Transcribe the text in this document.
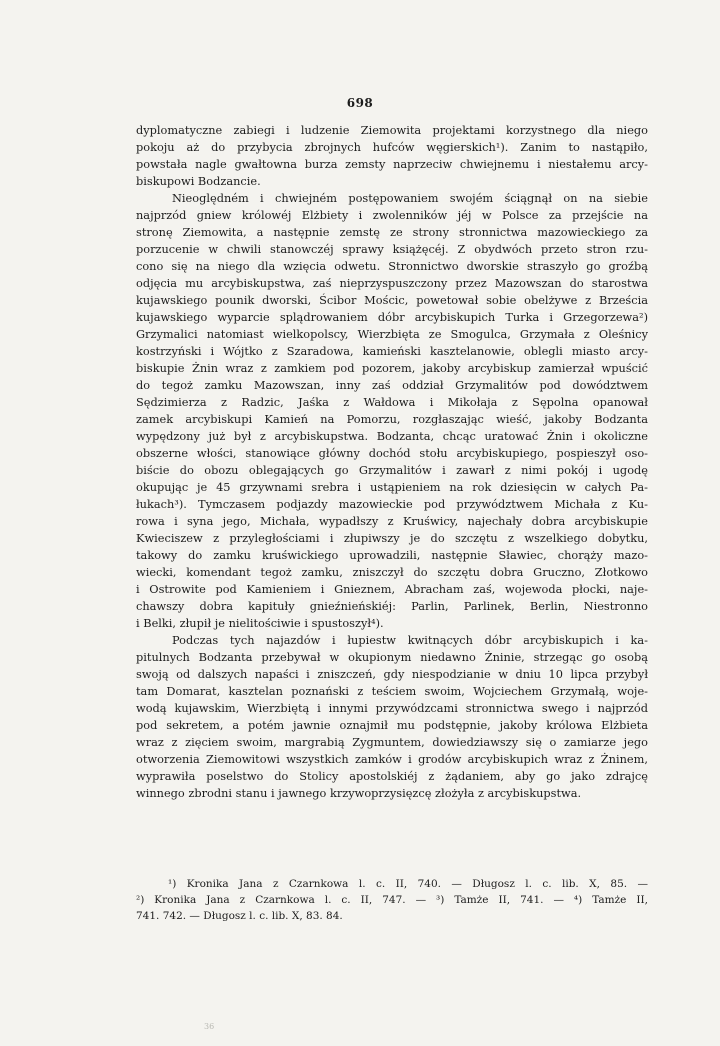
698
dyplomatyczne zabiegi i ludzenie Ziemowita projektami korzystnego dla niego
pokoju aż do przybycia zbrojnych hufców węgierskich¹). Zanim to nastąpiło,
powstała nagle gwałtowna burza zemsty naprzeciw chwiejnemu i niestałemu arcy-
biskupowi Bodzancie.
Nieoględném i chwiejném postępowaniem swojém ściągnął on na siebie
najprzód gniew królowéj Elżbiety i zwolenników jéj w Polsce za przejście na
stronę Ziemowita, a następnie zemstę ze strony stronnictwa mazowieckiego za
porzucenie w chwili stanowczéj sprawy książęcéj. Z obydwóch przeto stron rzu-
cono się na niego dla wzięcia odwetu. Stronnictwo dworskie straszyło go groźbą
odjęcia mu arcybiskupstwa, zaś nieprzyspuszczony przez Mazowszan do starostwa
kujawskiego pounik dworski, Ścibor Mościc, powetował sobie obelżywe z Brześcia
kujawskiego wyparcie splądrowaniem dóbr arcybiskupich Turka i Grzegorzewa²)
Grzymalici natomiast wielkopolscy, Wierzbięta ze Smogulca, Grzymała z Oleśnicy
kostrzyński i Wójtko z Szaradowa, kamieński kasztelanowie, oblegli miasto arcy-
biskupie Żnin wraz z zamkiem pod pozorem, jakoby arcybiskup zamierzał wpuścić
do tegoż zamku Mazowszan, inny zaś oddział Grzymalitów pod dowództwem
Sędzimierza z Radzic, Jaśka z Wałdowa i Mikołaja z Sępolna opanował
zamek arcybiskupi Kamień na Pomorzu, rozgłaszając wieść, jakoby Bodzanta
wypędzony już był z arcybiskupstwa. Bodzanta, chcąc uratować Żnin i okoliczne
obszerne włości, stanowiące główny dochód stołu arcybiskupiego, pospieszył oso-
biście do obozu oblegających go Grzymalitów i zawarł z nimi pokój i ugodę
okupując je 45 grzywnami srebra i ustąpieniem na rok dziesięcin w całych Pa-
łukach³). Tymczasem podjazdy mazowieckie pod przywództwem Michała z Ku-
rowa i syna jego, Michała, wypadłszy z Kruświcy, najechały dobra arcybiskupie
Kwieciszew z przyległościami i złupiwszy je do szczętu z wszelkiego dobytku,
takowy do zamku kruświckiego uprowadzili, następnie Sławiec, chorąży mazo-
wiecki, komendant tegoż zamku, zniszczył do szczętu dobra Gruczno, Złotkowo
i Ostrowite pod Kamieniem i Gnieznem, Abracham zaś, wojewoda płocki, naje-
chawszy dobra kapituły gnieźnieńskiéj: Parlin, Parlinek, Berlin, Niestronno
i Belki, złupił je nielitościwie i spustoszył⁴).
Podczas tych najazdów i łupiestw kwitnących dóbr arcybiskupich i ka-
pitulnych Bodzanta przebywał w okupionym niedawno Żninie, strzegąc go osobą
swoją od dalszych napaści i zniszczeń, gdy niespodzianie w dniu 10 lipca przybył
tam Domarat, kasztelan poznański z teściem swoim, Wojciechem Grzymałą, woje-
wodą kujawskim, Wierzbiętą i innymi przywódzcami stronnictwa swego i najprzód
pod sekretem, a potém jawnie oznajmił mu podstępnie, jakoby królowa Elżbieta
wraz z zięciem swoim, margrabią Zygmuntem, dowiedziawszy się o zamiarze jego
otworzenia Ziemowitowi wszystkich zamków i grodów arcybiskupich wraz z Żninem,
wyprawiła poselstwo do Stolicy apostolskiéj z żądaniem, aby go jako zdrajcę
winnego zbrodni stanu i jawnego krzywoprzysięzcę złożyła z arcybiskupstwa.
¹) Kronika Jana z Czarnkowa l. c. II, 740. — Długosz l. c. lib. X, 85. —
²) Kronika Jana z Czarnkowa l. c. II, 747. — ³) Tamże II, 741. — ⁴) Tamże II,
741. 742. — Długosz l. c. lib. X, 83. 84.
36
